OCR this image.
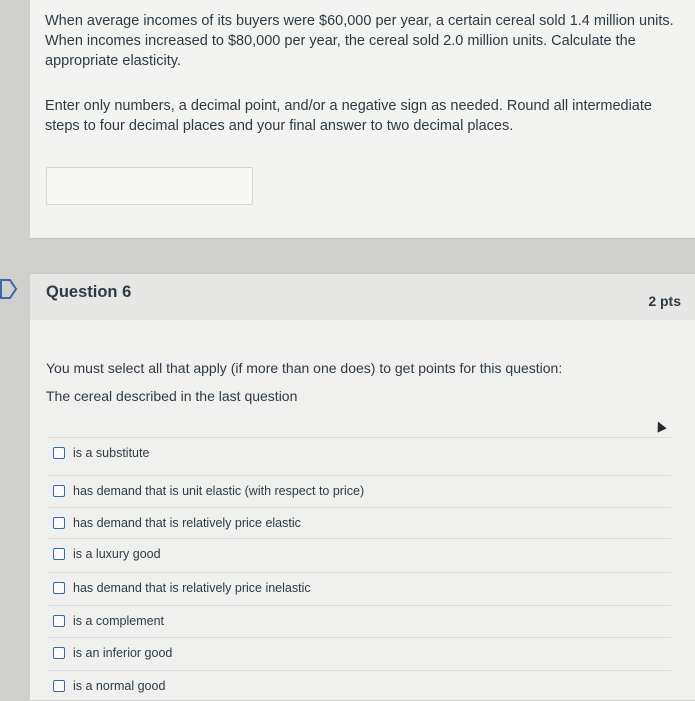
When average incomes of its buyers were $60,000 per year, a certain cereal sold 1.4 million units. When incomes increased to $80,000 per year, the cereal sold 2.0 million units. Calculate the appropriate elasticity.

Enter only numbers, a decimal point, and/or a negative sign as needed. Round all intermediate steps to four decimal places and your final answer to two decimal places.

Question 6	2 pts
You must select all that apply (if more than one does) to get points for this question:
The cereal described in the last question
is a substitute
has demand that is unit elastic (with respect to price)
has demand that is relatively price elastic
is a luxury good
has demand that is relatively price inelastic
is a complement
is an inferior good
is a normal good
